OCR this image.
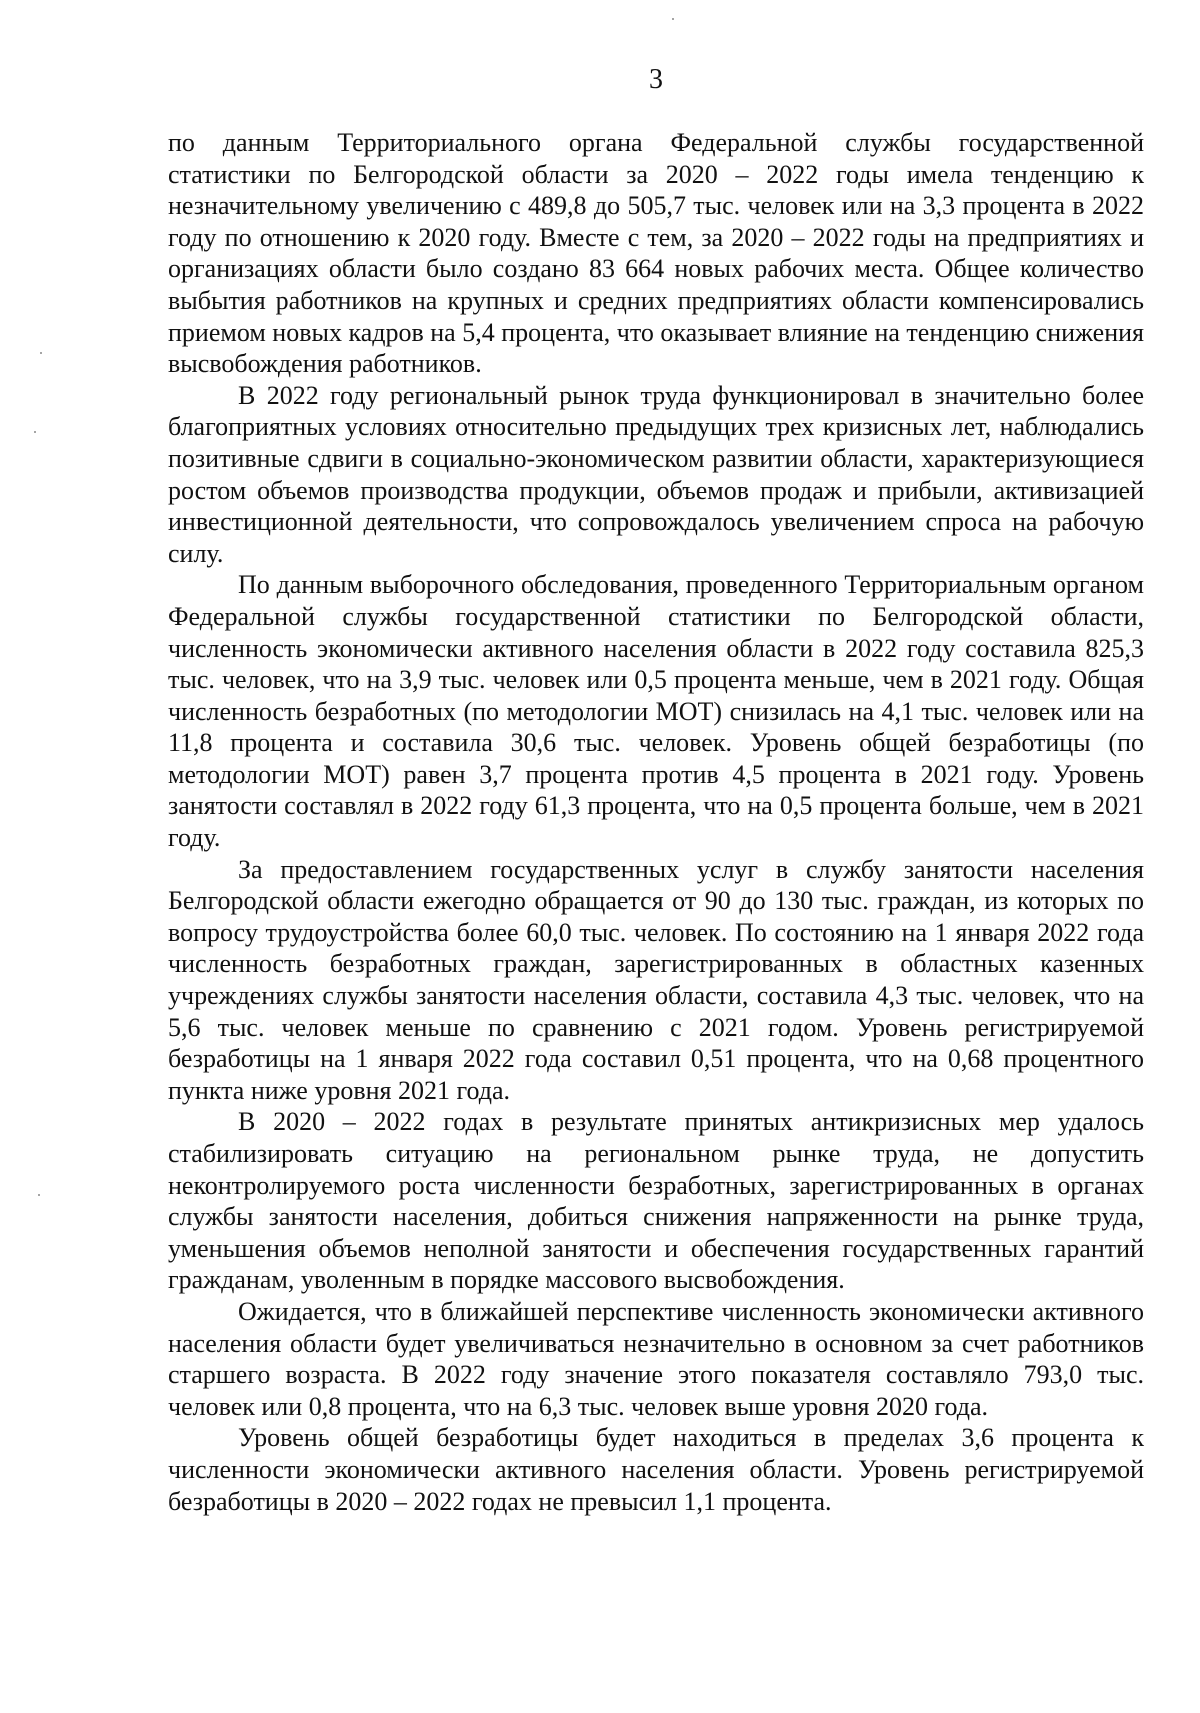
3

по данным Территориального органа Федеральной службы государственной статистики по Белгородской области за 2020 – 2022 годы имела тенденцию к незначительному увеличению с 489,8 до 505,7 тыс. человек или на 3,3 процента в 2022 году по отношению к 2020 году. Вместе с тем, за 2020 – 2022 годы на предприятиях и организациях области было создано 83 664 новых рабочих места. Общее количество выбытия работников на крупных и средних предприятиях области компенсировались приемом новых кадров на 5,4 процента, что оказывает влияние на тенденцию снижения высвобождения работников.

В 2022 году региональный рынок труда функционировал в значительно более благоприятных условиях относительно предыдущих трех кризисных лет, наблюдались позитивные сдвиги в социально-экономическом развитии области, характеризующиеся ростом объемов производства продукции, объемов продаж и прибыли, активизацией инвестиционной деятельности, что сопровождалось увеличением спроса на рабочую силу.

По данным выборочного обследования, проведенного Территориальным органом Федеральной службы государственной статистики по Белгородской области, численность экономически активного населения области в 2022 году составила 825,3 тыс. человек, что на 3,9 тыс. человек или 0,5 процента меньше, чем в 2021 году. Общая численность безработных (по методологии МОТ) снизилась на 4,1 тыс. человек или на 11,8 процента и составила 30,6 тыс. человек. Уровень общей безработицы (по методологии МОТ) равен 3,7 процента против 4,5 процента в 2021 году. Уровень занятости составлял в 2022 году 61,3 процента, что на 0,5 процента больше, чем в 2021 году.

За предоставлением государственных услуг в службу занятости населения Белгородской области ежегодно обращается от 90 до 130 тыс. граждан, из которых по вопросу трудоустройства более 60,0 тыс. человек. По состоянию на 1 января 2022 года численность безработных граждан, зарегистрированных в областных казенных учреждениях службы занятости населения области, составила 4,3 тыс. человек, что на 5,6 тыс. человек меньше по сравнению с 2021 годом. Уровень регистрируемой безработицы на 1 января 2022 года составил 0,51 процента, что на 0,68 процентного пункта ниже уровня 2021 года.

В 2020 – 2022 годах в результате принятых антикризисных мер удалось стабилизировать ситуацию на региональном рынке труда, не допустить неконтролируемого роста численности безработных, зарегистрированных в органах службы занятости населения, добиться снижения напряженности на рынке труда, уменьшения объемов неполной занятости и обеспечения государственных гарантий гражданам, уволенным в порядке массового высвобождения.

Ожидается, что в ближайшей перспективе численность экономически активного населения области будет увеличиваться незначительно в основном за счет работников старшего возраста. В 2022 году значение этого показателя составляло 793,0 тыс. человек или 0,8 процента, что на 6,3 тыс. человек выше уровня 2020 года.

Уровень общей безработицы будет находиться в пределах 3,6 процента к численности экономически активного населения области. Уровень регистрируемой безработицы в 2020 – 2022 годах не превысил 1,1 процента.
